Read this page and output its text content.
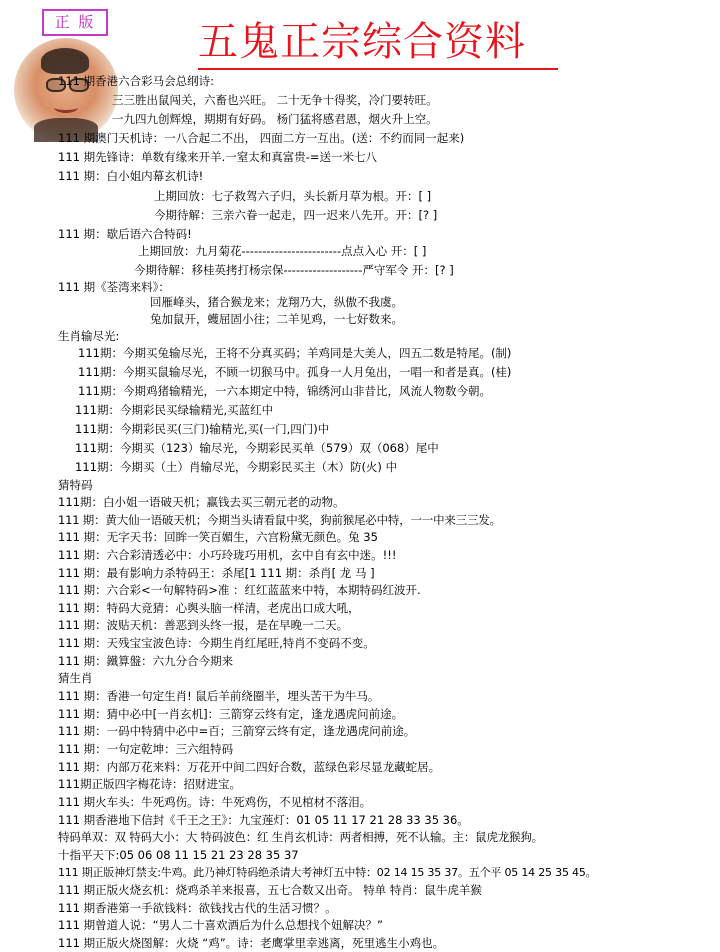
正 版	五鬼正宗综合资料
111 期香港六合彩马会总纲诗:
三三胜出鼠闯关，六畜也兴旺。 二十无争十得奖，冷门要转旺。
一九四九创辉煌，期期有好码。 杨门猛将感君恩，烟火升上空。
111 期澳门天机诗：一八合起二不出， 四面二方一互出。(送：不约而同一起来)
111 期先锋诗：单数有缘来开羊.一窒太和真富贵-=送一米七八
111 期：白小姐内幕玄机诗!
上期回放：七子救驾六子归，头长新月草为根。开：[ ]
今期待解：三亲六眷一起走，四一迟来八先开。开：[? ]
111 期：歇后语六合特码!
上期回放：九月菊花------------------------点点入心 开：[ ]
今期待解：移桂英拷打杨宗保-------------------严守军令 开：[? ]
111 期《荃湾来料》：
回雁峰头，猪合猴龙来；龙翔乃大，纵傲不我虞。
兔加鼠开，蠖屈固小往；二羊见鸡，一七好数来。
生肖输尽光:
111期：今期买兔输尽光，王将不分真买码；羊鸡同是大美人，四五二数是特尾。(制)
111期：今期买鼠输尽光，不顾一切猴马中。孤身一人月兔出，一唱一和者是真。(桂)
111期：今期鸡猪输精光，一六本期定中特，锦绣河山非昔比，风流人物数今朝。
111期：今期彩民买绿输精光,买蓝红中
111期：今期彩民买(三门)输精光,买(一门,四门)中
111期：今期买（123）输尽光，今期彩民买单（579）双（068）尾中
111期：今期买（土）肖输尽光，今期彩民买主（木）防(火) 中
猜特码
111期：白小姐一语破天机；赢钱去买三朝元老的动物。
111 期：黄大仙一语破天机；今期当头请看鼠中奖，狗前猴尾必中特，一一中来三三发。
111 期：无字天书：回眸一笑百媚生，六宫粉黛无颜色。兔 35
111 期：六合彩清透必中：小巧玲珑巧用机，玄中自有玄中迷。!!!
111 期：最有影响力杀特码王：杀尾[1 111 期：杀肖[ 龙 马 ]
111 期：六合彩<一句解特码>准 ：红红蓝蓝来中特，本期特码红波开.
111 期：特码大竞猜：心舆头脑一样清，老虎出口成大吼，
111 期：波贴天机：善恶到头终一报，是在早晚一二天。
111 期：天残宝宝波色诗：今期生肖红尾旺,特肖不变码不变。
111 期：鐵算盤：六九分合今期来
猜生肖
111 期：香港一句定生肖! 鼠后羊前绕圈半，埋头苦干为牛马。
111 期：猜中必中[一肖玄机]：三箭穿云终有定，逢龙遇虎问前途。
111 期：一码中特猜中必中=百；三箭穿云终有定，逢龙遇虎问前途。
111 期：一句定乾坤：三六组特码
111 期：内部万花来料：万花开中间二四好合数，蓝绿色彩尽显龙藏蛇居。
111期正版四字梅花诗：招财进宝。
111 期火车头：牛死鸡伤。诗：牛死鸡伤，不见棺材不落泪。
111 期香港地下信封《千王之王》：九宝莲灯：01 05 11 17 21 28 33 35 36。
特码单双：双 特码大小：大 特码波色：红 生肖玄机诗：两者相搏，死不认输。主：鼠虎龙猴狗。
十指平天下:05 06 08 11 15 21 23 28 35 37
111 期正版神灯禁支:牛鸡。此乃神灯特码绝杀请大考神灯五中特：02 14 15 35 37。五个平 05 14 25 35 45。
111 期正版火烧玄机：烧鸡杀羊来报喜，五七合数又出奇。 特单 特肖：鼠牛虎羊猴
111 期香港第一手欲钱料：欲钱找古代的生活习惯？。
111 期曾道人说：“男人二十喜欢酒后为什么总想找个妞解决？”
111 期正版火烧图解：火烧 “鸡”。诗：老鹰掌里幸逃离，死里逃生小鸡也。
